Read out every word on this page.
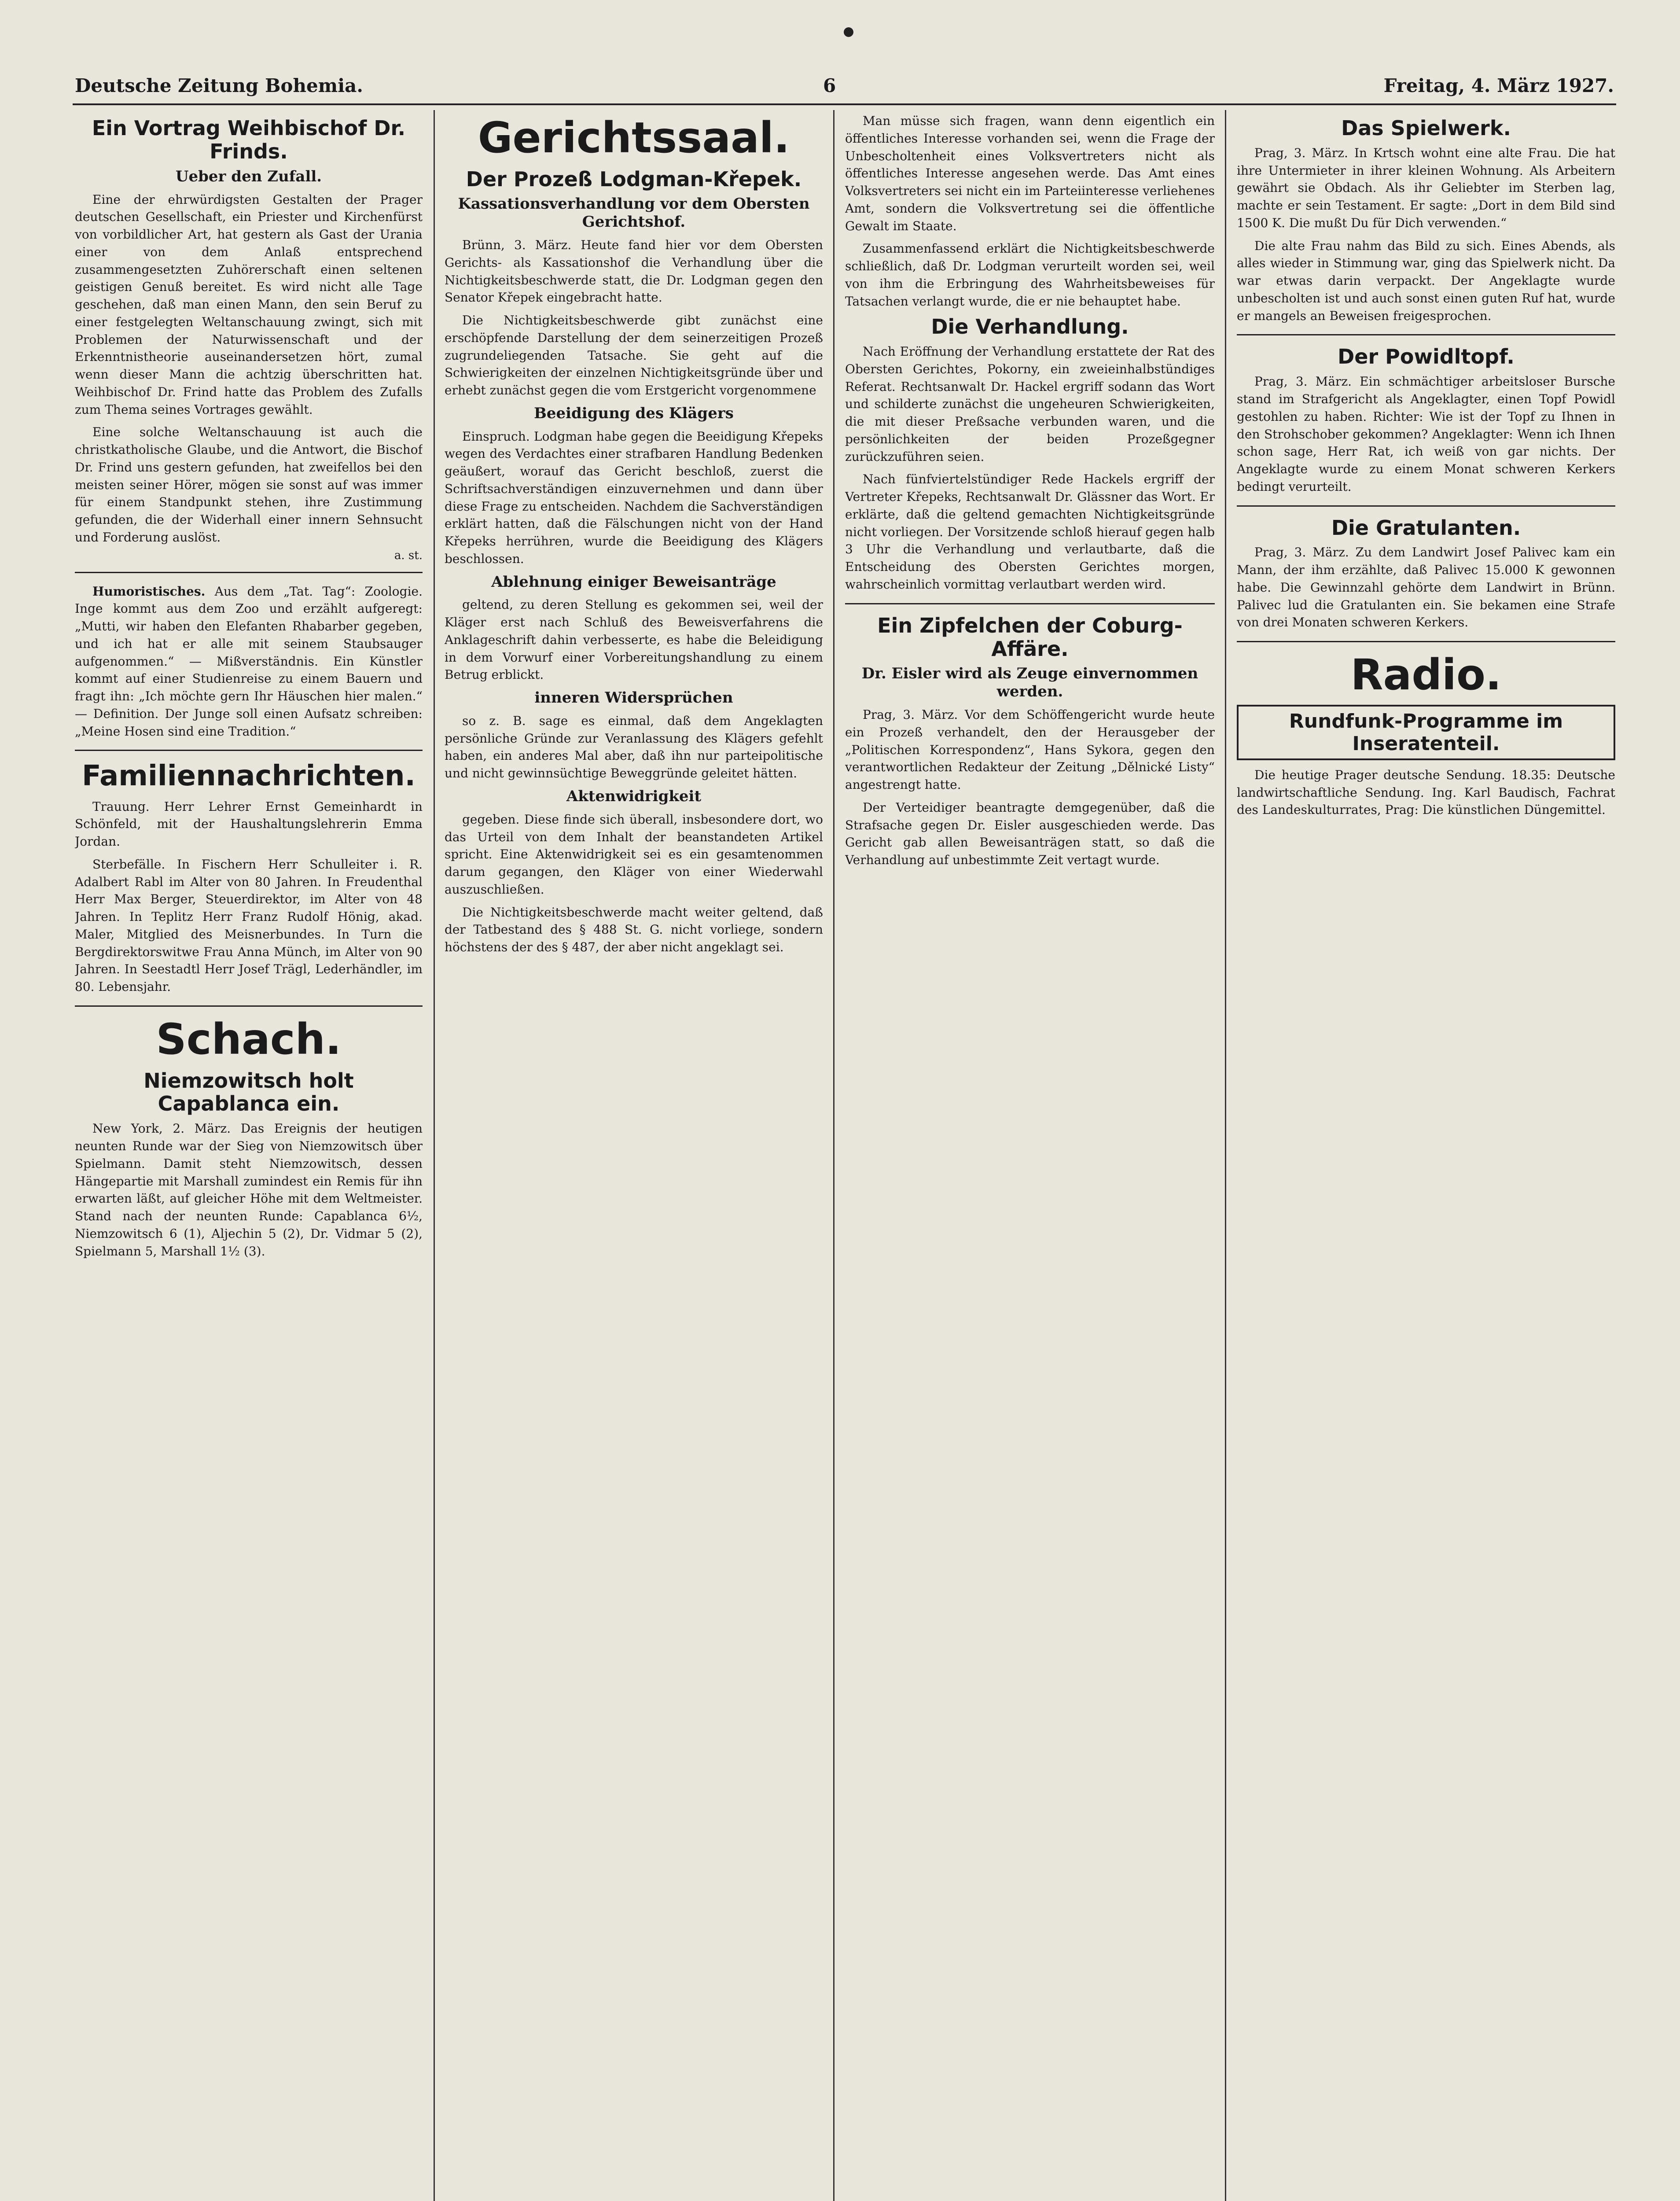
Deutsche Zeitung Bohemia.	6	Freitag, 4. März 1927.
Ein Vortrag Weihbischof Dr. Frinds.
Ueber den Zufall.

Eine der ehrwürdigsten Gestalten der Prager deutschen Gesellschaft, ein Priester und Kirchenfürst von vorbildlicher Art, hat gestern als Gast der Urania einer von dem Anlaß entsprechend zusammengesetzten Zuhörerschaft einen seltenen geistigen Genuß bereitet. Es wird nicht alle Tage geschehen, daß man einen Mann, den sein Beruf zu einer festgelegten Weltanschauung zwingt, sich mit Problemen der Naturwissenschaft und der Erkenntnistheorie auseinandersetzen hört, zumal wenn dieser Mann die achtzig überschritten hat. Weihbischof Dr. Frind hatte das Problem des Zufalls zum Thema seines Vortrages gewählt.

Eine solche Weltanschauung ist auch die christkatholische Glaube, und die Antwort, die Bischof Dr. Frind uns gestern gefunden, hat zweifellos bei den meisten seiner Hörer, mögen sie sonst auf was immer für einem Standpunkt stehen, ihre Zustimmung gefunden, die der Widerhall einer innern Sehnsucht und Forderung auslöst.

a. st.

Humoristisches. Aus dem „Tat. Tag“: Zoologie. Inge kommt aus dem Zoo und erzählt aufgeregt: „Mutti, wir haben den Elefanten Rhabarber gegeben, und ich hat er alle mit seinem Staubsauger aufgenommen.“ — Mißverständnis. Ein Künstler kommt auf einer Studienreise zu einem Bauern und fragt ihn: „Ich möchte gern Ihr Häuschen hier malen.“ — Definition. Der Junge soll einen Aufsatz schreiben: „Meine Hosen sind eine Tradition.“

Familiennachrichten.

Trauung. Herr Lehrer Ernst Gemeinhardt in Schönfeld, mit der Haushaltungslehrerin Emma Jordan.

Sterbefälle. In Fischern Herr Schulleiter i. R. Adalbert Rabl im Alter von 80 Jahren. In Freudenthal Herr Max Berger, Steuerdirektor, im Alter von 48 Jahren. In Teplitz Herr Franz Rudolf Hönig, akad. Maler, Mitglied des Meisnerbundes. In Turn die Bergdirektorswitwe Frau Anna Münch, im Alter von 90 Jahren. In Seestadtl Herr Josef Trägl, Lederhändler, im 80. Lebensjahr.

Schach.
Niemzowitsch holt Capablanca ein.

New York, 2. März. Das Ereignis der heutigen neunten Runde war der Sieg von Niemzowitsch über Spielmann. Damit steht Niemzowitsch, dessen Hängepartie mit Marshall zumindest ein Remis für ihn erwarten läßt, auf gleicher Höhe mit dem Weltmeister. Stand nach der neunten Runde: Capablanca 6½, Niemzowitsch 6 (1), Aljechin 5 (2), Dr. Vidmar 5 (2), Spielmann 5, Marshall 1½ (3).

Gerichtssaal.
Der Prozeß Lodgman-Křepek.
Kassationsverhandlung vor dem Obersten Gerichtshof.

Brünn, 3. März. Heute fand hier vor dem Obersten Gerichts- als Kassationshof die Verhandlung über die Nichtigkeitsbeschwerde statt, die Dr. Lodgman gegen den Senator Křepek eingebracht hatte.

Die Nichtigkeitsbeschwerde gibt zunächst eine erschöpfende Darstellung der dem seinerzeitigen Prozeß zugrundeliegenden Tatsache. Sie geht auf die Schwierigkeiten der einzelnen Nichtigkeitsgründe über und erhebt zunächst gegen die vom Erstgericht vorgenommene

Beeidigung des Klägers

Einspruch. Lodgman habe gegen die Beeidigung Křepeks wegen des Verdachtes einer strafbaren Handlung Bedenken geäußert, worauf das Gericht beschloß, zuerst die Schriftsachverständigen einzuvernehmen und dann über diese Frage zu entscheiden. Nachdem die Sachverständigen erklärt hatten, daß die Fälschungen nicht von der Hand Křepeks herrühren, wurde die Beeidigung des Klägers beschlossen.

Ablehnung einiger Beweisanträge

geltend, zu deren Stellung es gekommen sei, weil der Kläger erst nach Schluß des Beweisverfahrens die Anklageschrift dahin verbesserte, es habe die Beleidigung in dem Vorwurf einer Vorbereitungshandlung zu einem Betrug erblickt.

inneren Widersprüchen

so z. B. sage es einmal, daß dem Angeklagten persönliche Gründe zur Veranlassung des Klägers gefehlt haben, ein anderes Mal aber, daß ihn nur parteipolitische und nicht gewinnsüchtige Beweggründe geleitet hätten.

Aktenwidrigkeit

gegeben. Diese finde sich überall, insbesondere dort, wo das Urteil von dem Inhalt der beanstandeten Artikel spricht. Eine Aktenwidrigkeit sei es ein gesamtenommen darum gegangen, den Kläger von einer Wiederwahl auszuschließen.

Die Nichtigkeitsbeschwerde macht weiter geltend, daß der Tatbestand des § 488 St. G. nicht vorliege, sondern höchstens der des § 487, der aber nicht angeklagt sei.

Man müsse sich fragen, wann denn eigentlich ein öffentliches Interesse vorhanden sei, wenn die Frage der Unbescholtenheit eines Volksvertreters nicht als öffentliches Interesse angesehen werde. Das Amt eines Volksvertreters sei nicht ein im Parteiinteresse verliehenes Amt, sondern die Volksvertretung sei die öffentliche Gewalt im Staate.

Zusammenfassend erklärt die Nichtigkeitsbeschwerde schließlich, daß Dr. Lodgman verurteilt worden sei, weil von ihm die Erbringung des Wahrheitsbeweises für Tatsachen verlangt wurde, die er nie behauptet habe.

Die Verhandlung.

Nach Eröffnung der Verhandlung erstattete der Rat des Obersten Gerichtes, Pokorny, ein zweieinhalbstündiges Referat. Rechtsanwalt Dr. Hackel ergriff sodann das Wort und schilderte zunächst die ungeheuren Schwierigkeiten, die mit dieser Preßsache verbunden waren, und die persönlichkeiten der beiden Prozeßgegner zurückzuführen seien.

Nach fünfviertelstündiger Rede Hackels ergriff der Vertreter Křepeks, Rechtsanwalt Dr. Glässner das Wort. Er erklärte, daß die geltend gemachten Nichtigkeitsgründe nicht vorliegen. Der Vorsitzende schloß hierauf gegen halb 3 Uhr die Verhandlung und verlautbarte, daß die Entscheidung des Obersten Gerichtes morgen, wahrscheinlich vormittag verlautbart werden wird.

Ein Zipfelchen der Coburg-Affäre.
Dr. Eisler wird als Zeuge einvernommen werden.

Prag, 3. März. Vor dem Schöffengericht wurde heute ein Prozeß verhandelt, den der Herausgeber der „Politischen Korrespondenz“, Hans Sykora, gegen den verantwortlichen Redakteur der Zeitung „Dělnické Listy“ angestrengt hatte.

Der Verteidiger beantragte demgegenüber, daß die Strafsache gegen Dr. Eisler ausgeschieden werde. Das Gericht gab allen Beweisanträgen statt, so daß die Verhandlung auf unbestimmte Zeit vertagt wurde.

Das Spielwerk.

Prag, 3. März. In Krtsch wohnt eine alte Frau. Die hat ihre Untermieter in ihrer kleinen Wohnung. Als Arbeitern gewährt sie Obdach. Als ihr Geliebter im Sterben lag, machte er sein Testament. Er sagte: „Dort in dem Bild sind 1500 K. Die mußt Du für Dich verwenden.“

Die alte Frau nahm das Bild zu sich. Eines Abends, als alles wieder in Stimmung war, ging das Spielwerk nicht. Da war etwas darin verpackt. Der Angeklagte wurde unbescholten ist und auch sonst einen guten Ruf hat, wurde er mangels an Beweisen freigesprochen.

Der Powidltopf.

Prag, 3. März. Ein schmächtiger arbeitsloser Bursche stand im Strafgericht als Angeklagter, einen Topf Powidl gestohlen zu haben. Richter: Wie ist der Topf zu Ihnen in den Strohschober gekommen? Angeklagter: Wenn ich Ihnen schon sage, Herr Rat, ich weiß von gar nichts. Der Angeklagte wurde zu einem Monat schweren Kerkers bedingt verurteilt.

Die Gratulanten.

Prag, 3. März. Zu dem Landwirt Josef Palivec kam ein Mann, der ihm erzählte, daß Palivec 15.000 K gewonnen habe. Die Gewinnzahl gehörte dem Landwirt in Brünn. Palivec lud die Gratulanten ein. Sie bekamen eine Strafe von drei Monaten schweren Kerkers.

Radio.
Rundfunk-Programme im Inseratenteil.

Die heutige Prager deutsche Sendung. 18.35: Deutsche landwirtschaftliche Sendung. Ing. Karl Baudisch, Fachrat des Landeskulturrates, Prag: Die künstlichen Düngemittel.
